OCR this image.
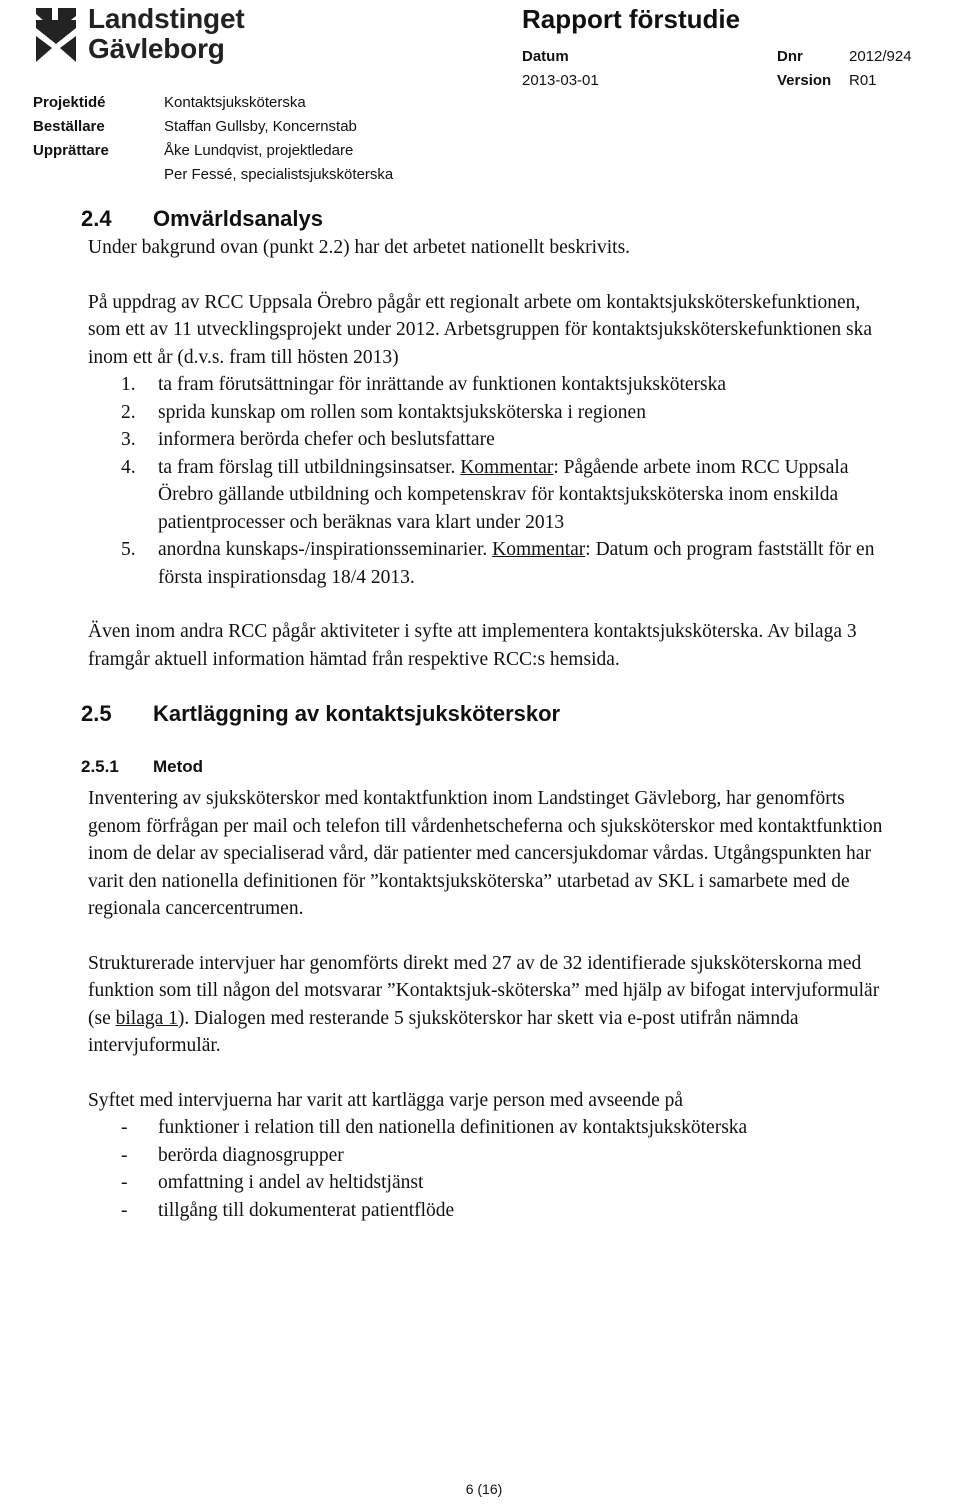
Landstinget
Gävleborg
Rapport förstudie
Datum
2013-03-01
Dnr	2012/924
Version R01
Projektidé	Kontaktsjuksköterska
Beställare	Staffan Gullsby, Koncernstab
Upprättare	Åke Lundqvist, projektledare
Per Fessé, specialistsjuksköterska
2.4 Omvärldsanalys

Under bakgrund ovan (punkt 2.2) har det arbetet nationellt beskrivits.

På uppdrag av RCC Uppsala Örebro pågår ett regionalt arbete om kontaktsjuksköterskefunktionen, som ett av 11 utvecklingsprojekt under 2012. Arbetsgruppen för kontaktsjuksköterskefunktionen ska inom ett år (d.v.s. fram till hösten 2013)

1. ta fram förutsättningar för inrättande av funktionen kontaktsjuksköterska
2. sprida kunskap om rollen som kontaktsjuksköterska i regionen
3. informera berörda chefer och beslutsfattare
4. ta fram förslag till utbildningsinsatser. Kommentar: Pågående arbete inom RCC Uppsala Örebro gällande utbildning och kompetenskrav för kontaktsjuksköterska inom enskilda patientprocesser och beräknas vara klart under 2013
5. anordna kunskaps-/inspirationsseminarier. Kommentar: Datum och program fastställt för en första inspirationsdag 18/4 2013.

Även inom andra RCC pågår aktiviteter i syfte att implementera kontaktsjuksköterska. Av bilaga 3 framgår aktuell information hämtad från respektive RCC:s hemsida.

2.5 Kartläggning av kontaktsjuksköterskor
2.5.1 Metod

Inventering av sjuksköterskor med kontaktfunktion inom Landstinget Gävleborg, har genomförts genom förfrågan per mail och telefon till vårdenhetscheferna och sjuksköterskor med kontaktfunktion inom de delar av specialiserad vård, där patienter med cancersjukdomar vårdas. Utgångspunkten har varit den nationella definitionen för ”kontaktsjuksköterska” utarbetad av SKL i samarbete med de regionala cancercentrumen.

Strukturerade intervjuer har genomförts direkt med 27 av de 32 identifierade sjuksköterskorna med funktion som till någon del motsvarar ”Kontaktsjuk-sköterska” med hjälp av bifogat intervjuformulär (se bilaga 1). Dialogen med resterande 5 sjuksköterskor har skett via e-post utifrån nämnda intervjuformulär.

Syftet med intervjuerna har varit att kartlägga varje person med avseende på

- funktioner i relation till den nationella definitionen av kontaktsjuksköterska
- berörda diagnosgrupper
- omfattning i andel av heltidstjänst
- tillgång till dokumenterat patientflöde
6 (16)
